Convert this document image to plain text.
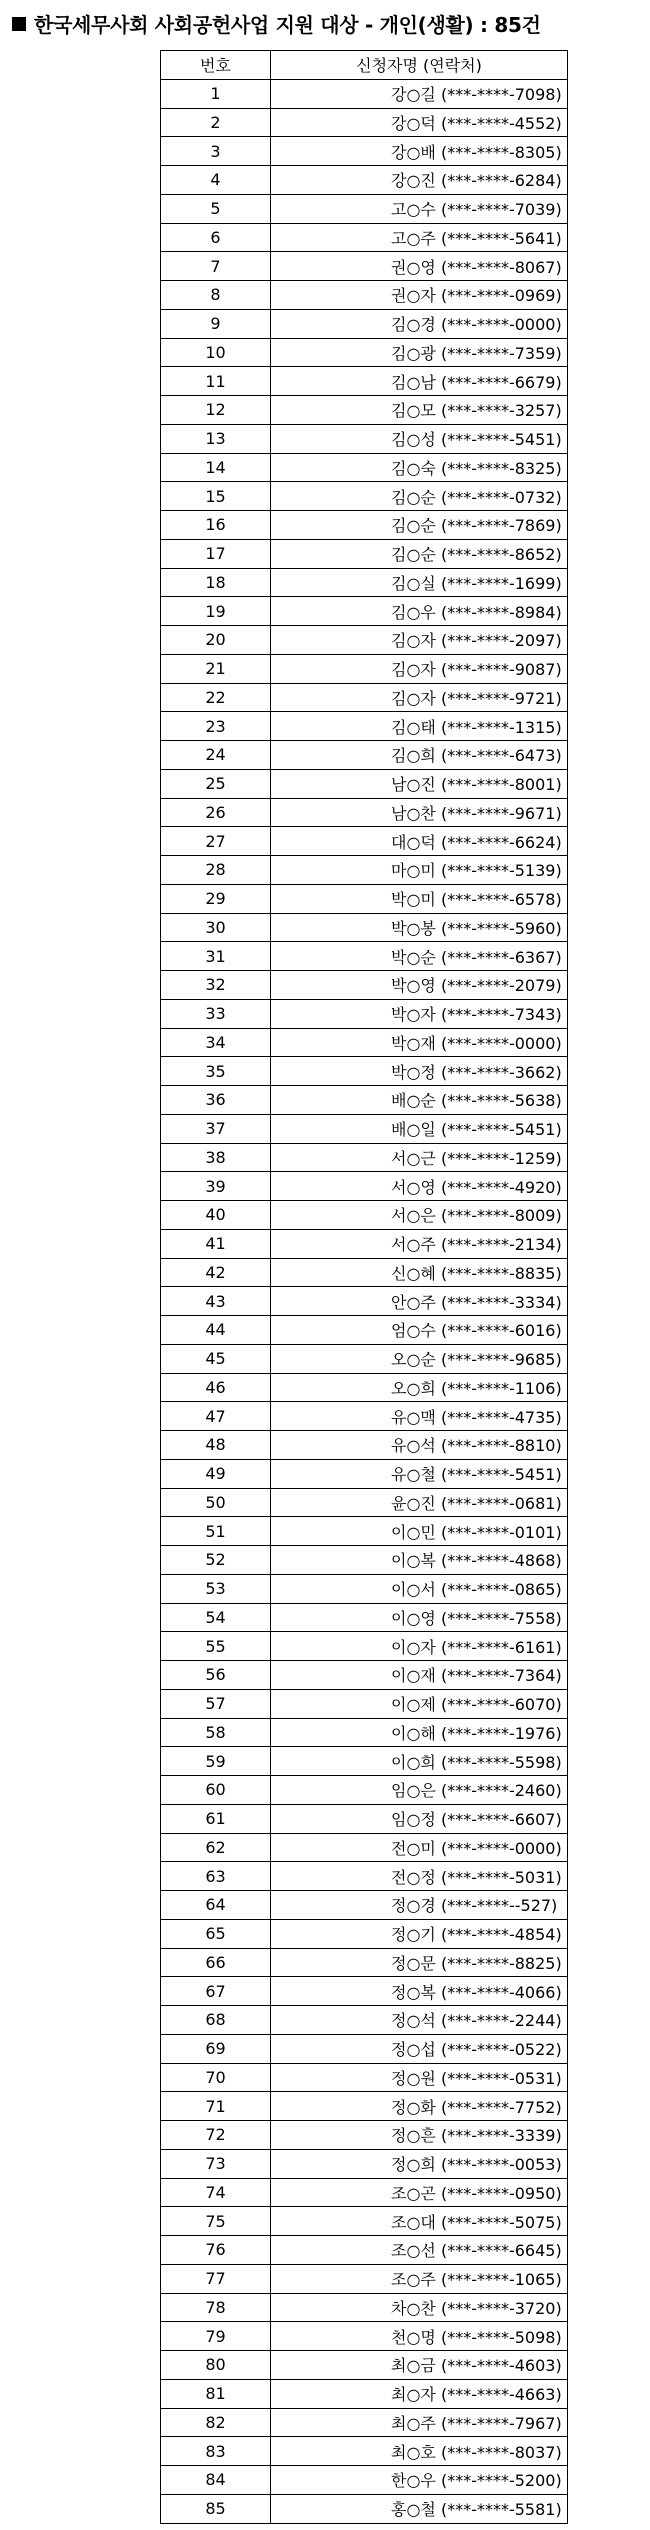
한국세무사회 사회공헌사업 지원 대상 - 개인(생활) : 85건
번호	신청자명 (연락처)
1	강○길 (***-****-7098)
2	강○덕 (***-****-4552)
3	강○배 (***-****-8305)
4	강○진 (***-****-6284)
5	고○수 (***-****-7039)
6	고○주 (***-****-5641)
7	권○영 (***-****-8067)
8	권○자 (***-****-0969)
9	김○경 (***-****-0000)
10	김○광 (***-****-7359)
11	김○남 (***-****-6679)
12	김○모 (***-****-3257)
13	김○성 (***-****-5451)
14	김○숙 (***-****-8325)
15	김○순 (***-****-0732)
16	김○순 (***-****-7869)
17	김○순 (***-****-8652)
18	김○실 (***-****-1699)
19	김○우 (***-****-8984)
20	김○자 (***-****-2097)
21	김○자 (***-****-9087)
22	김○자 (***-****-9721)
23	김○태 (***-****-1315)
24	김○희 (***-****-6473)
25	남○진 (***-****-8001)
26	남○찬 (***-****-9671)
27	대○덕 (***-****-6624)
28	마○미 (***-****-5139)
29	박○미 (***-****-6578)
30	박○봉 (***-****-5960)
31	박○순 (***-****-6367)
32	박○영 (***-****-2079)
33	박○자 (***-****-7343)
34	박○재 (***-****-0000)
35	박○정 (***-****-3662)
36	배○순 (***-****-5638)
37	배○일 (***-****-5451)
38	서○근 (***-****-1259)
39	서○영 (***-****-4920)
40	서○은 (***-****-8009)
41	서○주 (***-****-2134)
42	신○혜 (***-****-8835)
43	안○주 (***-****-3334)
44	엄○수 (***-****-6016)
45	오○순 (***-****-9685)
46	오○희 (***-****-1106)
47	유○맥 (***-****-4735)
48	유○석 (***-****-8810)
49	유○철 (***-****-5451)
50	윤○진 (***-****-0681)
51	이○민 (***-****-0101)
52	이○복 (***-****-4868)
53	이○서 (***-****-0865)
54	이○영 (***-****-7558)
55	이○자 (***-****-6161)
56	이○재 (***-****-7364)
57	이○제 (***-****-6070)
58	이○해 (***-****-1976)
59	이○희 (***-****-5598)
60	임○은 (***-****-2460)
61	임○정 (***-****-6607)
62	전○미 (***-****-0000)
63	전○정 (***-****-5031)
64	정○경 (***-****--527)
65	정○기 (***-****-4854)
66	정○문 (***-****-8825)
67	정○복 (***-****-4066)
68	정○석 (***-****-2244)
69	정○섭 (***-****-0522)
70	정○원 (***-****-0531)
71	정○화 (***-****-7752)
72	정○흔 (***-****-3339)
73	정○희 (***-****-0053)
74	조○곤 (***-****-0950)
75	조○대 (***-****-5075)
76	조○선 (***-****-6645)
77	조○주 (***-****-1065)
78	차○찬 (***-****-3720)
79	천○명 (***-****-5098)
80	최○금 (***-****-4603)
81	최○자 (***-****-4663)
82	최○주 (***-****-7967)
83	최○호 (***-****-8037)
84	한○우 (***-****-5200)
85	홍○철 (***-****-5581)
